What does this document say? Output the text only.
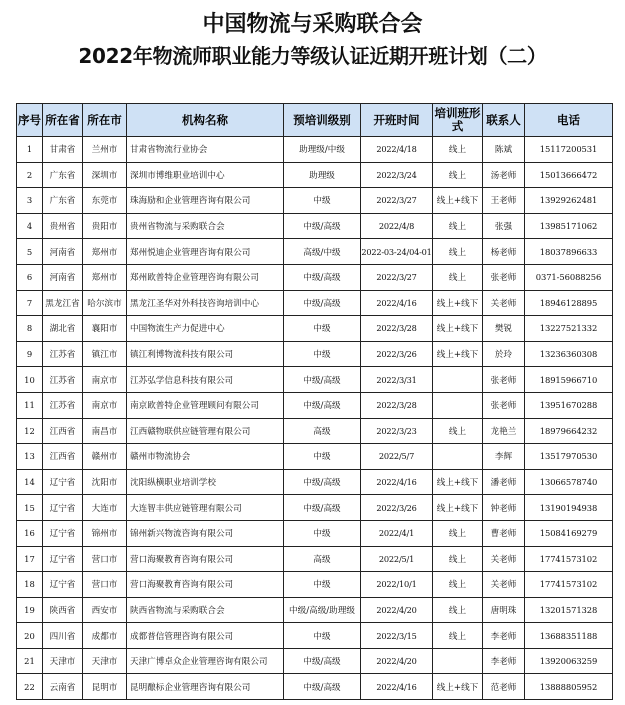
中国物流与采购联合会
2022年物流师职业能力等级认证近期开班计划（二）
序号	所在省	所在市	机构名称	预培训级别	开班时间	培训班形式	联系人	电话
1	甘肃省	兰州市	甘肃省物流行业协会	助理级/中级	2022/4/18	线上	陈斌	15117200531
2	广东省	深圳市	深圳市博维职业培训中心	助理级	2022/3/24	线上	汤老师	15013666472
3	广东省	东莞市	珠海励和企业管理咨询有限公司	中级	2022/3/27	线上+线下	王老师	13929262481
4	贵州省	贵阳市	贵州省物流与采购联合会	中级/高级	2022/4/8	线上	张强	13985171062
5	河南省	郑州市	郑州悦迪企业管理咨询有限公司	高级/中级	2022-03-24/04-01	线上	杨老师	18037896633
6	河南省	郑州市	郑州欧普特企业管理咨询有限公司	中级/高级	2022/3/27	线上	张老师	0371-56088256
7	黑龙江省	哈尔滨市	黑龙江圣华对外科技咨询培训中心	中级/高级	2022/4/16	线上+线下	关老师	18946128895
8	湖北省	襄阳市	中国物流生产力促进中心	中级	2022/3/28	线上+线下	樊锐	13227521332
9	江苏省	镇江市	镇江利博物流科技有限公司	中级	2022/3/26	线上+线下	於玲	13236360308
10	江苏省	南京市	江苏弘学信息科技有限公司	中级/高级	2022/3/31		张老师	18915966710
11	江苏省	南京市	南京欧普特企业管理顾问有限公司	中级/高级	2022/3/28		张老师	13951670288
12	江西省	南昌市	江西赣物联供应链管理有限公司	高级	2022/3/23	线上	龙艳兰	18979664232
13	江西省	赣州市	赣州市物流协会	中级	2022/5/7		李辉	13517970530
14	辽宁省	沈阳市	沈阳纵横职业培训学校	中级/高级	2022/4/16	线上+线下	潘老师	13066578740
15	辽宁省	大连市	大连智丰供应链管理有限公司	中级/高级	2022/3/26	线上+线下	钟老师	13190194938
16	辽宁省	锦州市	锦州新兴物流咨询有限公司	中级	2022/4/1	线上	曹老师	15084169279
17	辽宁省	营口市	营口海聚教育咨询有限公司	高级	2022/5/1	线上	关老师	17741573102
18	辽宁省	营口市	营口海聚教育咨询有限公司	中级	2022/10/1	线上	关老师	17741573102
19	陕西省	西安市	陕西省物流与采购联合会	中级/高级/助理级	2022/4/20	线上	唐明珠	13201571328
20	四川省	成都市	成都普信管理咨询有限公司	中级	2022/3/15	线上	李老师	13688351188
21	天津市	天津市	天津广博卓众企业管理咨询有限公司	中级/高级	2022/4/20		李老师	13920063259
22	云南省	昆明市	昆明酿标企业管理咨询有限公司	中级/高级	2022/4/16	线上+线下	范老师	13888805952
